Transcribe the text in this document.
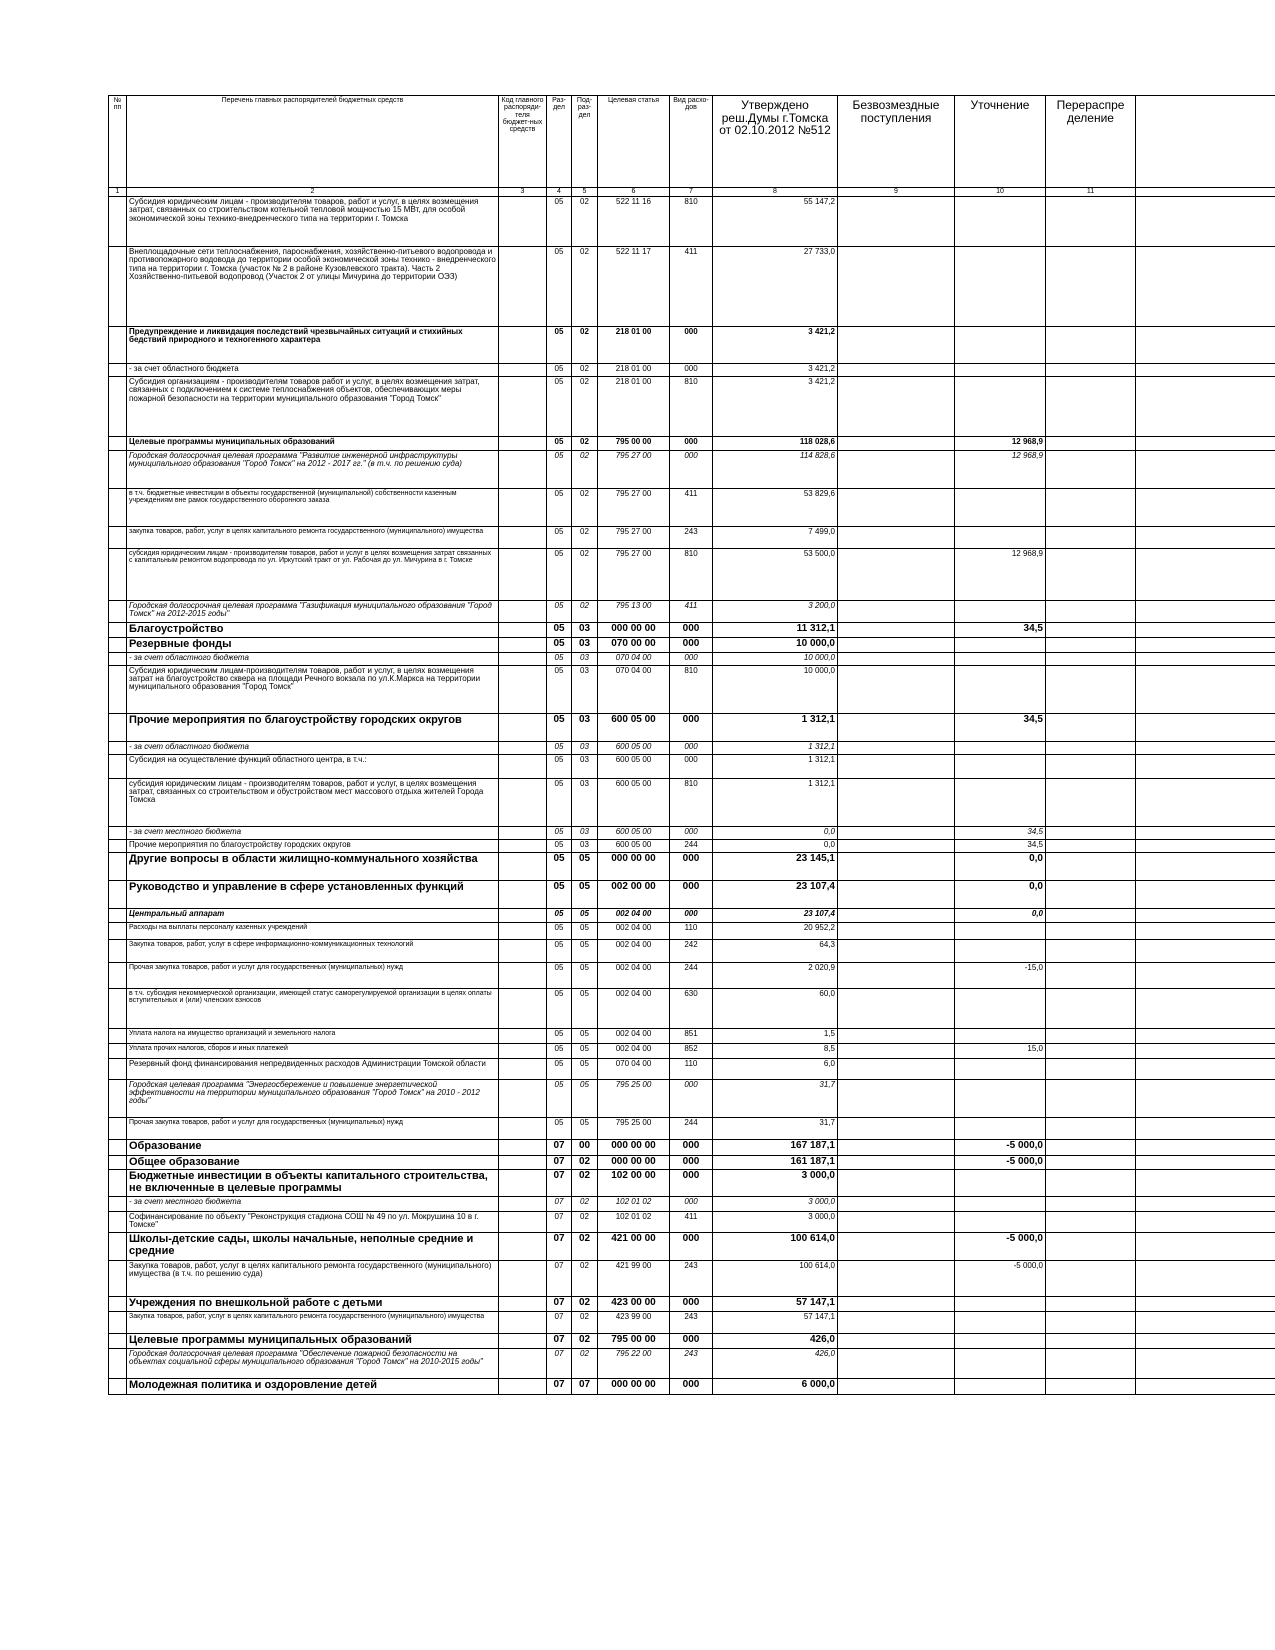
№ пп	Перечень главных распорядителей бюджетных средств	Код главного распоряди-теля бюджет-ных средств	Раз-дел	Под-раз-дел	Целевая статья	Вид расхо-дов	Утверждено реш.Думы г.Томска от 02.10.2012 №512	Безвозмездные поступления	Уточнение	Перераспре деление	
1	2	3	4	5	6	7	8	9	10	11	
	Субсидия юридическим лицам - производителям товаров, работ и услуг, в целях возмещения затрат, связанных со строительством котельной тепловой мощностью 15 МВт, для особой экономической зоны технико-внедренческого типа на территории г. Томска		05	02	522 11 16	810	55 147,2				
	Внеплощадочные сети теплоснабжения, пароснабжения, хозяйственно-питьевого водопровода и противопожарного водовода до территории особой экономической зоны технико - внедренческого типа на территории г. Томска (участок № 2 в районе Кузовлевского тракта). Часть 2 Хозяйственно-питьевой водопровод (Участок 2 от улицы Мичурина до территории ОЭЗ)		05	02	522 11 17	411	27 733,0				
	Предупреждение и ликвидация последствий чрезвычайных ситуаций и стихийных бедствий природного и техногенного характера		05	02	218 01 00	000	3 421,2				
	- за счет областного бюджета		05	02	218 01 00	000	3 421,2				
	Субсидия организациям - производителям товаров работ и услуг, в целях возмещения затрат, связанных с подключением к системе теплоснабжения объектов, обеспечивающих меры пожарной безопасности на территории муниципального образования "Город Томск"		05	02	218 01 00	810	3 421,2				
	Целевые программы муниципальных образований		05	02	795 00 00	000	118 028,6		12 968,9		
	Городская долгосрочная целевая программа "Развитие инженерной инфраструктуры муниципального образования "Город Томск" на 2012 - 2017 гг." (в т.ч. по решению суда)		05	02	795 27 00	000	114 828,6		12 968,9		
	в т.ч. бюджетные инвестиции в объекты государственной (муниципальной) собственности казенным учреждениям вне рамок государственного оборонного заказа		05	02	795 27 00	411	53 829,6				
	закупка товаров, работ, услуг в целях капитального ремонта государственного (муниципального) имущества		05	02	795 27 00	243	7 499,0				
	субсидия юридическим лицам - производителям товаров, работ и услуг в целях возмещения затрат связанных с капитальным ремонтом водопровода по ул. Иркутский тракт от ул. Рабочая до ул. Мичурина в г. Томске		05	02	795 27 00	810	53 500,0		12 968,9		
	Городская долгосрочная целевая программа "Газификация муниципального образования "Город Томск" на 2012-2015 годы"		05	02	795 13 00	411	3 200,0				
	Благоустройство		05	03	000 00 00	000	11 312,1		34,5		
	Резервные фонды		05	03	070 00 00	000	10 000,0				
	- за счет областного бюджета		05	03	070 04 00	000	10 000,0				
	Субсидия юридическим лицам-производителям товаров, работ и услуг, в целях возмещения затрат на благоустройство сквера на площади Речного вокзала по ул.К.Маркса на территории муниципального образования "Город Томск"		05	03	070 04 00	810	10 000,0				
	Прочие мероприятия по благоустройству городских округов		05	03	600 05 00	000	1 312,1		34,5		
	- за счет областного бюджета		05	03	600 05 00	000	1 312,1				
	Субсидия на осуществление функций областного центра, в т.ч.:		05	03	600 05 00	000	1 312,1				
	субсидия юридическим лицам - производителям товаров, работ и услуг, в целях возмещения затрат, связанных со строительством и обустройством мест массового отдыха жителей Города Томска		05	03	600 05 00	810	1 312,1				
	- за счет местного бюджета		05	03	600 05 00	000	0,0		34,5		
	Прочие мероприятия по благоустройству городских округов		05	03	600 05 00	244	0,0		34,5		
	Другие вопросы в области жилищно-коммунального хозяйства		05	05	000 00 00	000	23 145,1		0,0		
	Руководство и управление в сфере установленных функций		05	05	002 00 00	000	23 107,4		0,0		
	Центральный аппарат		05	05	002 04 00	000	23 107,4		0,0		
	Расходы на выплаты персоналу казенных учреждений		05	05	002 04 00	110	20 952,2				
	Закупка товаров, работ, услуг в сфере информационно-коммуникационных технологий		05	05	002 04 00	242	64,3				
	Прочая закупка товаров, работ и услуг для государственных (муниципальных) нужд		05	05	002 04 00	244	2 020,9		-15,0		
	в т.ч. субсидия некоммерческой организации, имеющей статус саморегулируемой организации в целях оплаты вступительных и (или) членских взносов		05	05	002 04 00	630	60,0				
	Уплата налога на имущество организаций и земельного налога		05	05	002 04 00	851	1,5				
	Уплата прочих налогов, сборов и иных платежей		05	05	002 04 00	852	8,5		15,0		
	Резервный фонд финансирования непредвиденных расходов Администрации Томской области		05	05	070 04 00	110	6,0				
	Городская целевая программа "Энергосбережение и повышение энергетической эффективности на территории муниципального образования "Город Томск" на 2010 - 2012 годы"		05	05	795 25 00	000	31,7				
	Прочая закупка товаров, работ и услуг для государственных (муниципальных) нужд		05	05	795 25 00	244	31,7				
	Образование		07	00	000 00 00	000	167 187,1		-5 000,0		
	Общее образование		07	02	000 00 00	000	161 187,1		-5 000,0		
	Бюджетные инвестиции в объекты капитального строительства, не включенные в целевые программы		07	02	102 00 00	000	3 000,0				
	- за счет местного бюджета		07	02	102 01 02	000	3 000,0				
	Софинансирование по объекту "Реконструкция стадиона СОШ № 49 по ул. Мокрушина 10 в г. Томске"		07	02	102 01 02	411	3 000,0				
	Школы-детские сады, школы начальные, неполные средние и средние		07	02	421 00 00	000	100 614,0		-5 000,0		
	Закупка товаров, работ, услуг в целях капитального ремонта государственного (муниципального) имущества (в т.ч. по решению суда)		07	02	421 99 00	243	100 614,0		-5 000,0		
	Учреждения по внешкольной работе с детьми		07	02	423 00 00	000	57 147,1				
	Закупка товаров, работ, услуг в целях капитального ремонта государственного (муниципального) имущества		07	02	423 99 00	243	57 147,1				
	Целевые программы муниципальных образований		07	02	795 00 00	000	426,0				
	Городская долгосрочная целевая программа "Обеспечение пожарной безопасности на объектах социальной сферы муниципального образования "Город Томск" на 2010-2015 годы"		07	02	795 22 00	243	426,0				
	Молодежная политика и оздоровление детей		07	07	000 00 00	000	6 000,0				
